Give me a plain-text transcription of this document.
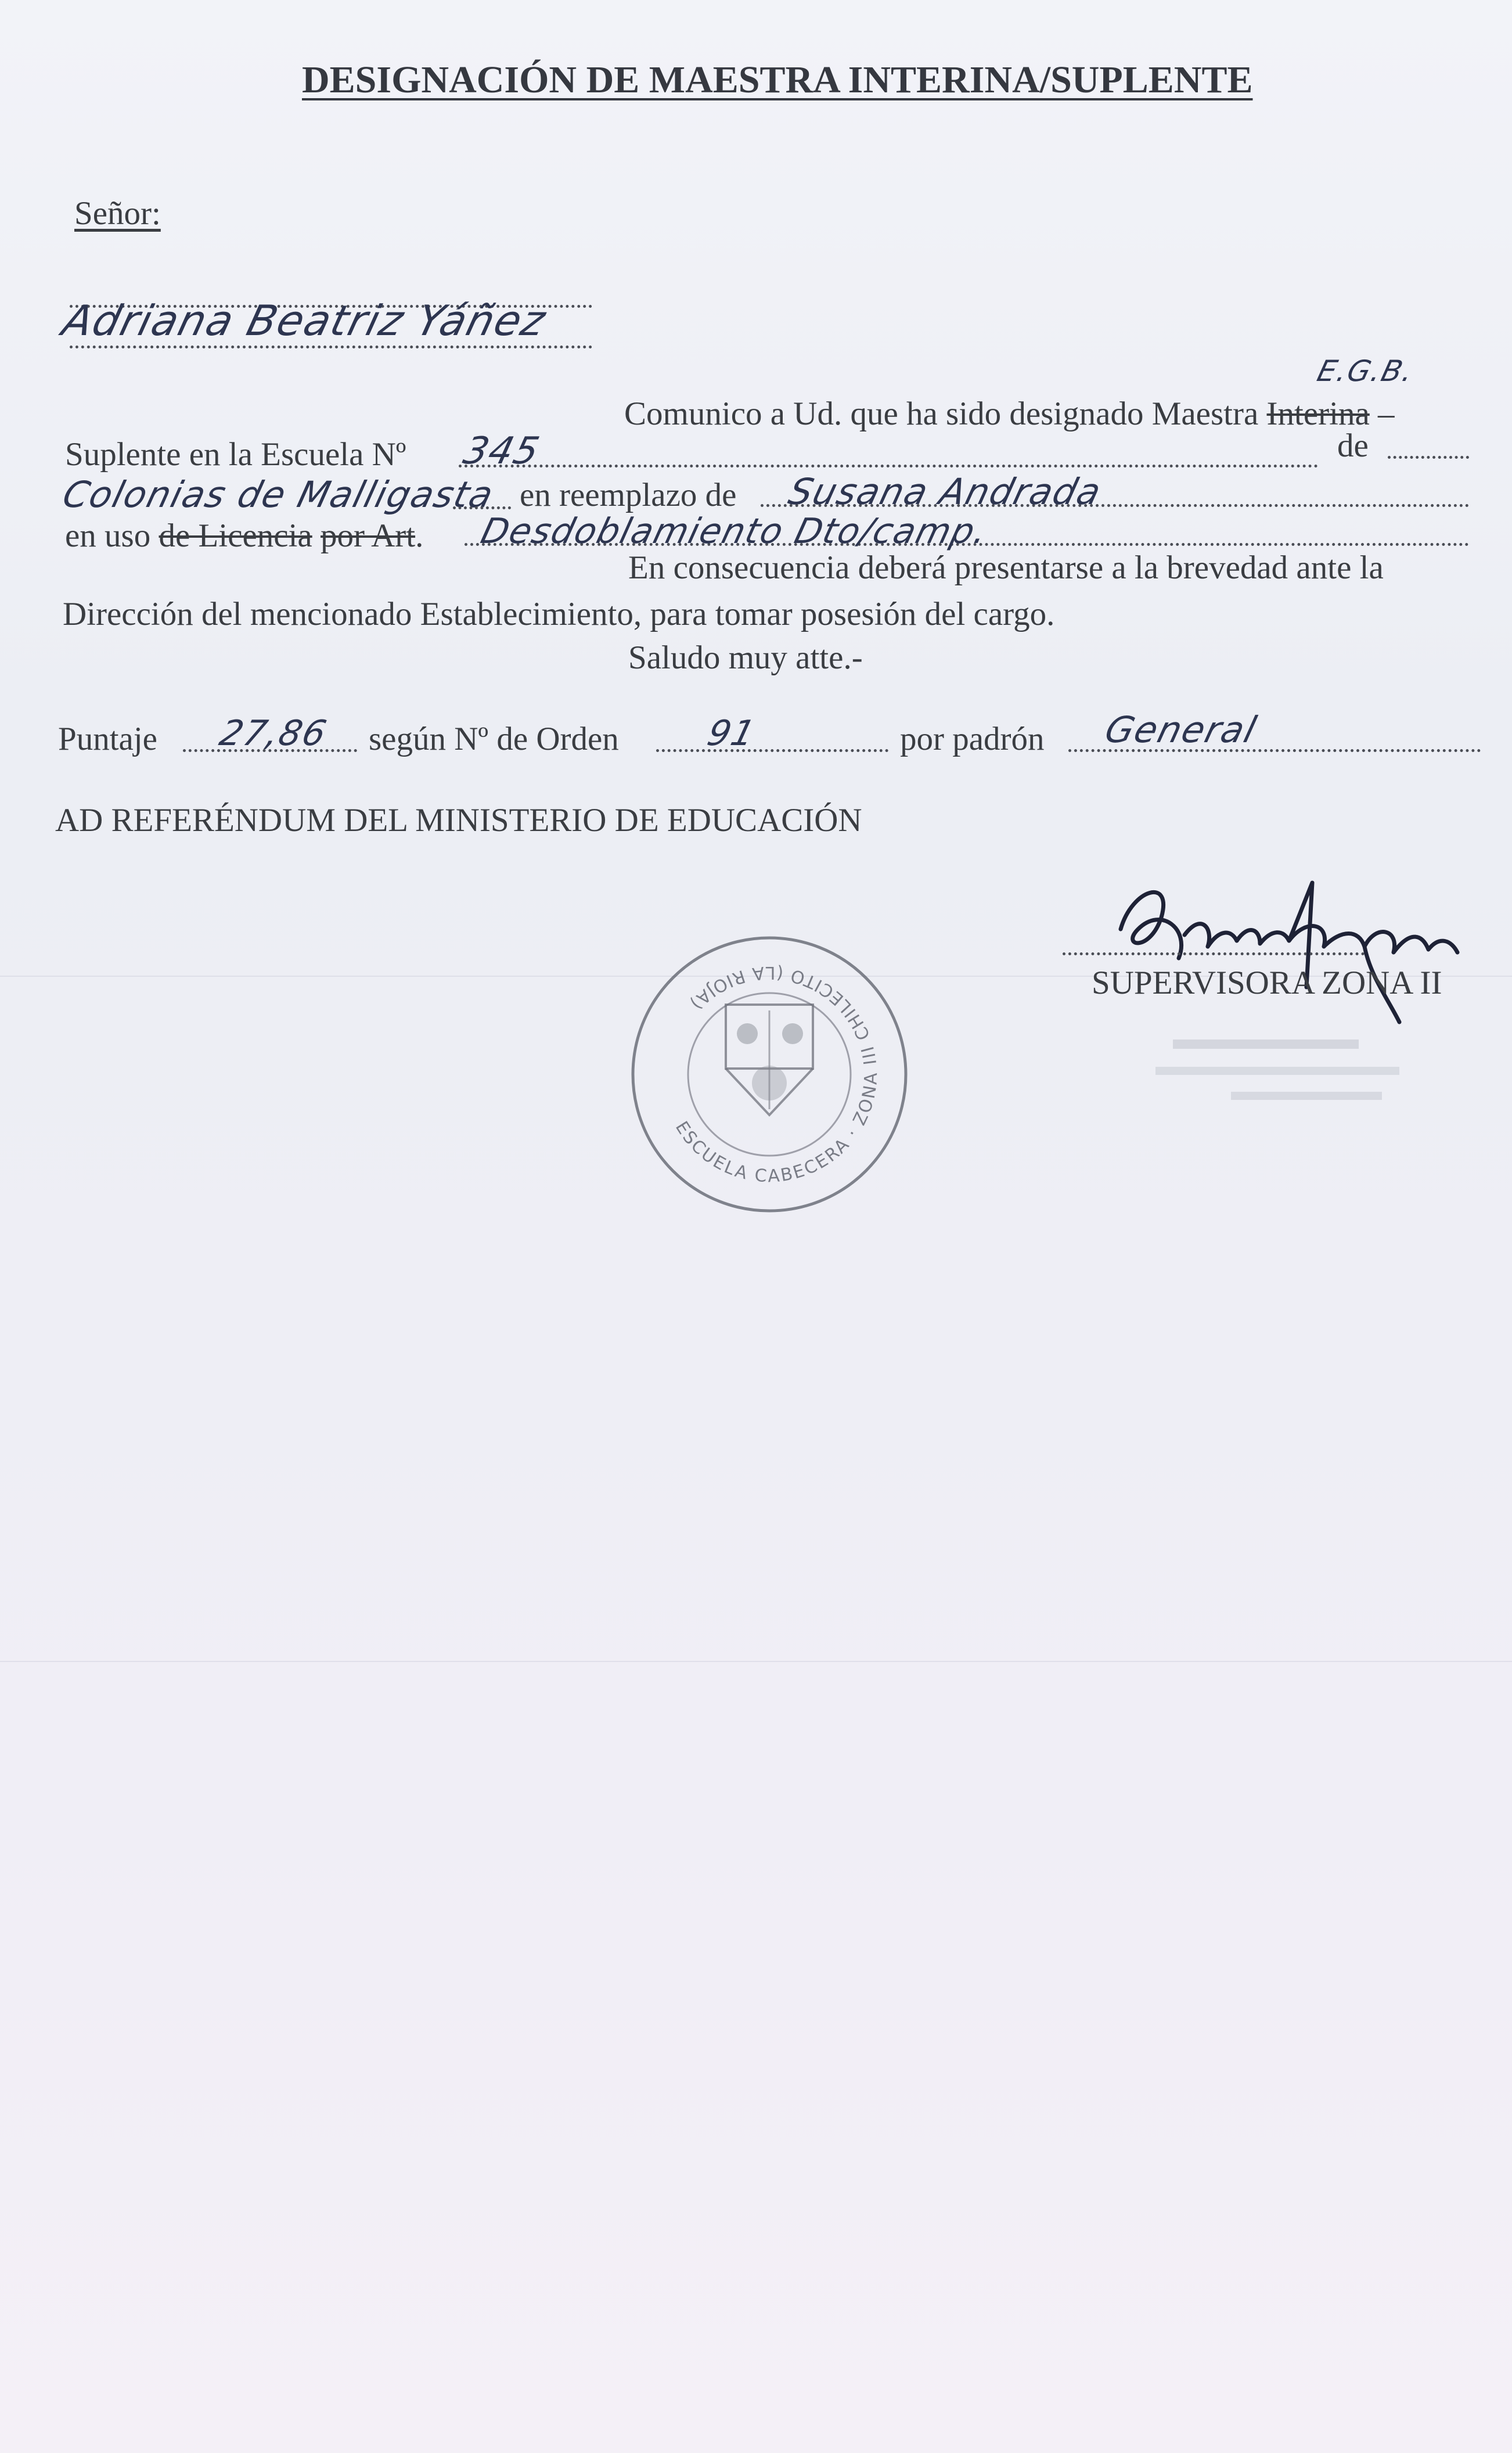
DESIGNACIÓN DE MAESTRA INTERINA/SUPLENTE
Señor:
Adriana Beatriz Yáñez
E.G.B.
Comunico a Ud. que ha sido designado Maestra Interina –
Suplente en la Escuela Nº 345	de
Colonias de Malligasta en reemplazo de Susana Andrada
en uso de Licencia por Art. Desdoblamiento Dto/camp.
En consecuencia deberá presentarse a la brevedad ante la
Dirección del mencionado Establecimiento, para tomar posesión del cargo.
Saludo muy atte.-
Puntaje 27,86 según Nº de Orden 91	por padrón General
AD REFERÉNDUM DEL MINISTERIO DE EDUCACIÓN
SUPERVISORA ZONA II
ESCUELA CABECERA · ZONA III CHILECITO (LA RIOJA)
